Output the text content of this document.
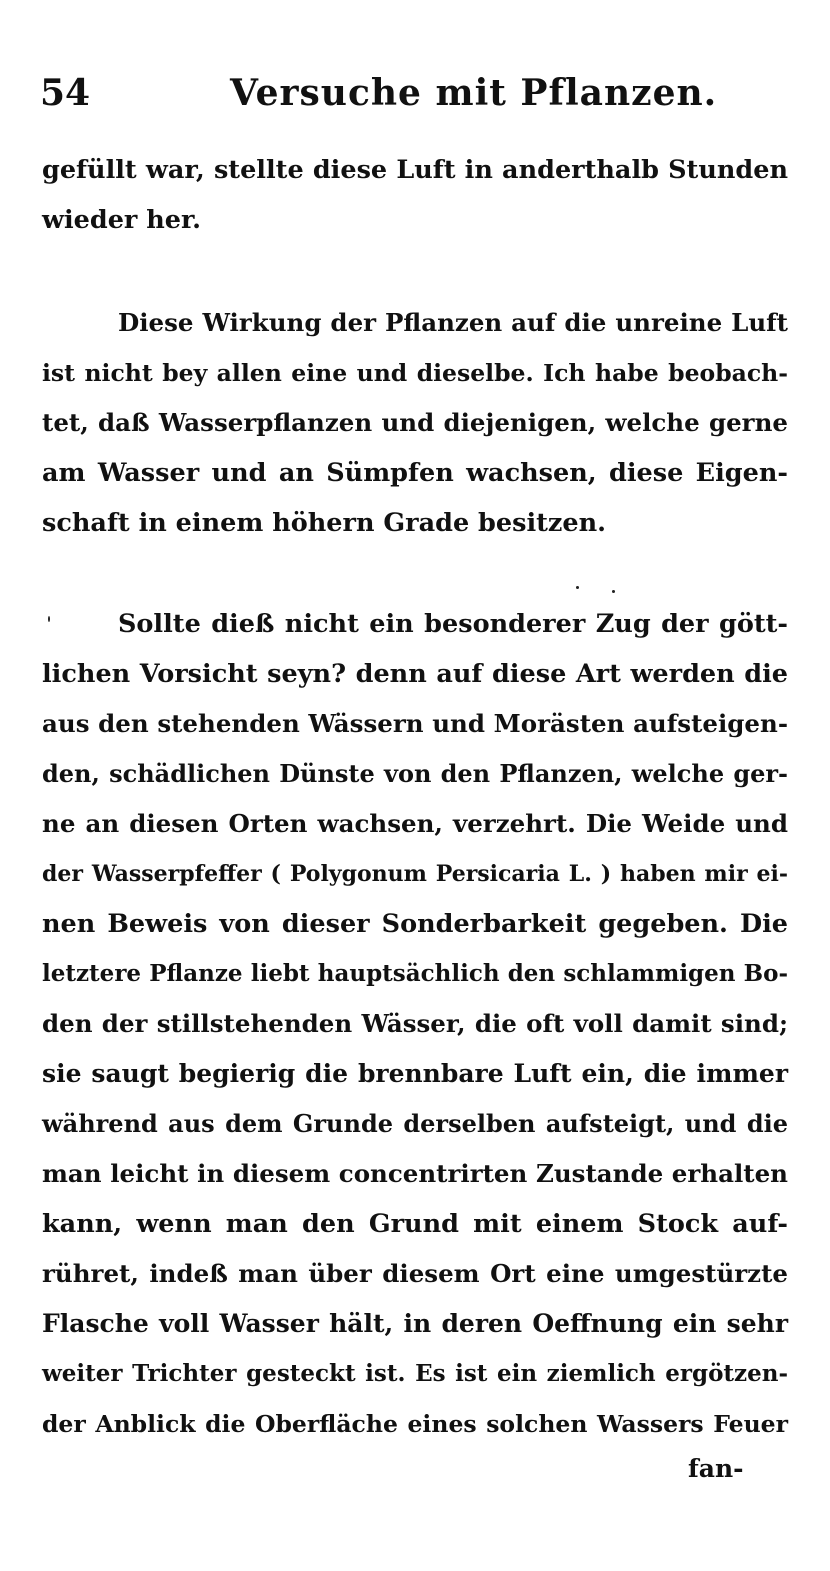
54	Versuche mit Pflanzen.
gefüllt war, stellte diese Luft in anderthalb Stunden
wieder her.
Diese Wirkung der Pflanzen auf die unreine Luft
ist nicht bey allen eine und dieselbe. Ich habe beobach-
tet, daß Wasserpflanzen und diejenigen, welche gerne
am Wasser und an Sümpfen wachsen, diese Eigen-
schaft in einem höhern Grade besitzen.
Sollte dieß nicht ein besonderer Zug der gött-
lichen Vorsicht seyn? denn auf diese Art werden die
aus den stehenden Wässern und Morästen aufsteigen-
den, schädlichen Dünste von den Pflanzen, welche ger-
ne an diesen Orten wachsen, verzehrt. Die Weide und
der Wasserpfeffer ( Polygonum Persicaria L. ) haben mir ei-
nen Beweis von dieser Sonderbarkeit gegeben. Die
letztere Pflanze liebt hauptsächlich den schlammigen Bo-
den der stillstehenden Wässer, die oft voll damit sind;
sie saugt begierig die brennbare Luft ein, die immer
während aus dem Grunde derselben aufsteigt, und die
man leicht in diesem concentrirten Zustande erhalten
kann, wenn man den Grund mit einem Stock auf-
rühret, indeß man über diesem Ort eine umgestürzte
Flasche voll Wasser hält, in deren Oeffnung ein sehr
weiter Trichter gesteckt ist. Es ist ein ziemlich ergötzen-
der Anblick die Oberfläche eines solchen Wassers Feuer
fan-
